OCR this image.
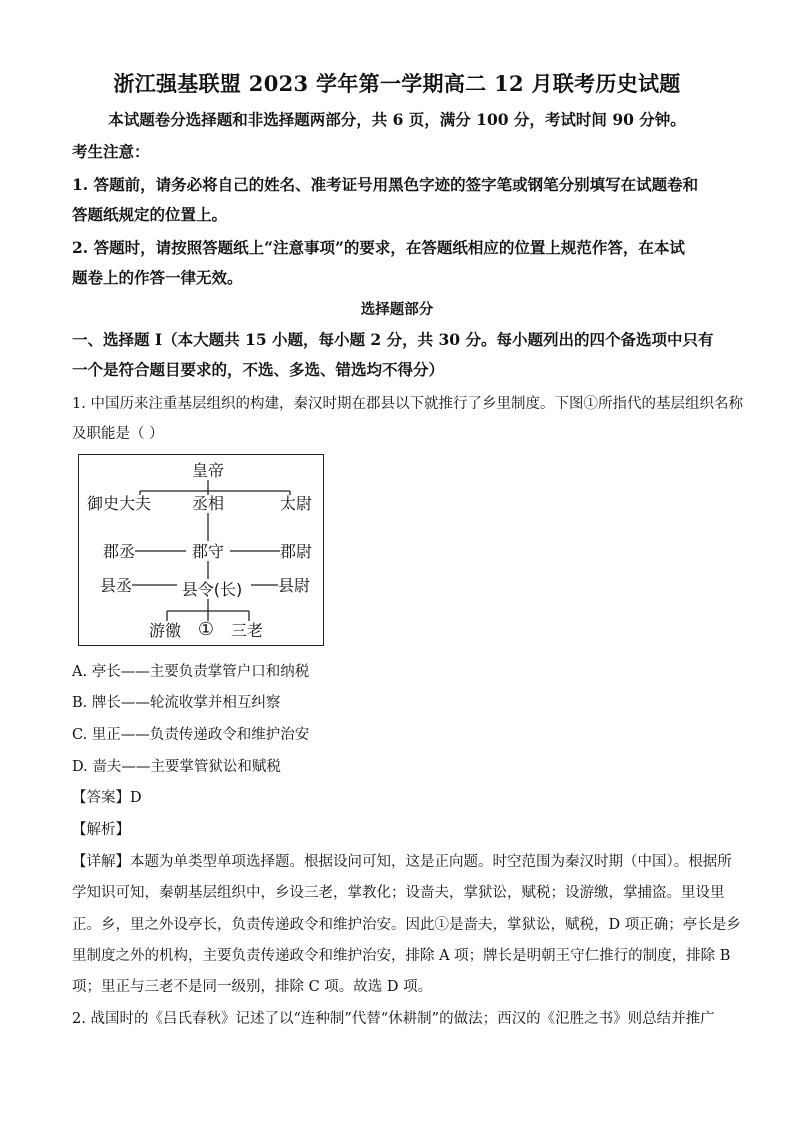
浙江强基联盟 2023 学年第一学期高二 12 月联考历史试题
本试题卷分选择题和非选择题两部分，共 6 页，满分 100 分，考试时间 90 分钟。
考生注意：
1. 答题前，请务必将自己的姓名、准考证号用黑色字迹的签字笔或钢笔分别填写在试题卷和
答题纸规定的位置上。
2. 答题时，请按照答题纸上“注意事项”的要求，在答题纸相应的位置上规范作答，在本试
题卷上的作答一律无效。
选择题部分
一、选择题 Ⅰ（本大题共 15 小题，每小题 2 分，共 30 分。每小题列出的四个备选项中只有
一个是符合题目要求的，不选、多选、错选均不得分）
1. 中国历来注重基层组织的构建，秦汉时期在郡县以下就推行了乡里制度。下图①所指代的基层组织名称
及职能是（ ）
皇帝
御史大夫	丞相	太尉
郡丞	郡守	郡尉
县丞	县令(长) 县尉
游徼 ① 三老
A. 亭长——主要负责掌管户口和纳税
B. 牌长——轮流收掌并相互纠察
C. 里正——负责传递政令和维护治安
D. 啬夫——主要掌管狱讼和赋税
【答案】D
【解析】
【详解】本题为单类型单项选择题。根据设问可知，这是正向题。时空范围为秦汉时期（中国）。根据所
学知识可知，秦朝基层组织中，乡设三老，掌教化；设啬夫，掌狱讼，赋税；设游缴，掌捕盗。里设里
正。乡，里之外设亭长，负责传递政令和维护治安。因此①是啬夫，掌狱讼，赋税，D 项正确；亭长是乡
里制度之外的机构，主要负责传递政令和维护治安，排除 A 项；牌长是明朝王守仁推行的制度，排除 B
项；里正与三老不是同一级别，排除 C 项。故选 D 项。
2. 战国时的《吕氏春秋》记述了以“连种制”代替“休耕制”的做法；西汉的《氾胜之书》则总结并推广
